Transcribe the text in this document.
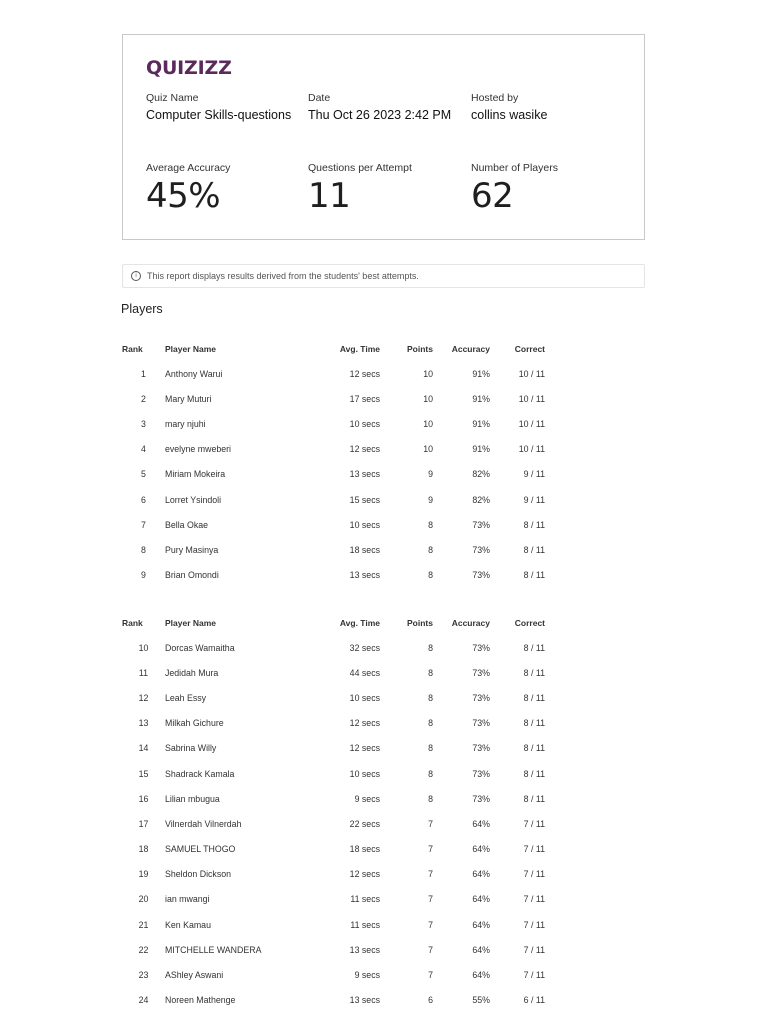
QUIZIZZ
Quiz Name
Computer Skills-questions
Date
Thu Oct 26 2023 2:42 PM
Hosted by
collins wasike
Average Accuracy
45%
Questions per Attempt
11
Number of Players
62
i	This report displays results derived from the students' best attempts.
Players
Rank	Player Name	Avg. Time	Points	Accuracy	Correct
1	Anthony Warui	12 secs	10	91%	10 / 11
2	Mary Muturi	17 secs	10	91%	10 / 11
3	mary njuhi	10 secs	10	91%	10 / 11
4	evelyne mweberi	12 secs	10	91%	10 / 11
5	Miriam Mokeira	13 secs	9	82%	9 / 11
6	Lorret Ysindoli	15 secs	9	82%	9 / 11
7	Bella Okae	10 secs	8	73%	8 / 11
8	Pury Masinya	18 secs	8	73%	8 / 11
9	Brian Omondi	13 secs	8	73%	8 / 11
Rank	Player Name	Avg. Time	Points	Accuracy	Correct
10	Dorcas Wamaitha	32 secs	8	73%	8 / 11
11	Jedidah Mura	44 secs	8	73%	8 / 11
12	Leah Essy	10 secs	8	73%	8 / 11
13	Milkah Gichure	12 secs	8	73%	8 / 11
14	Sabrina Willy	12 secs	8	73%	8 / 11
15	Shadrack Kamala	10 secs	8	73%	8 / 11
16	Lilian mbugua	9 secs	8	73%	8 / 11
17	Vilnerdah Vilnerdah	22 secs	7	64%	7 / 11
18	SAMUEL THOGO	18 secs	7	64%	7 / 11
19	Sheldon Dickson	12 secs	7	64%	7 / 11
20	ian mwangi	11 secs	7	64%	7 / 11
21	Ken Kamau	11 secs	7	64%	7 / 11
22	MITCHELLE WANDERA	13 secs	7	64%	7 / 11
23	AShley Aswani	9 secs	7	64%	7 / 11
24	Noreen Mathenge	13 secs	6	55%	6 / 11
